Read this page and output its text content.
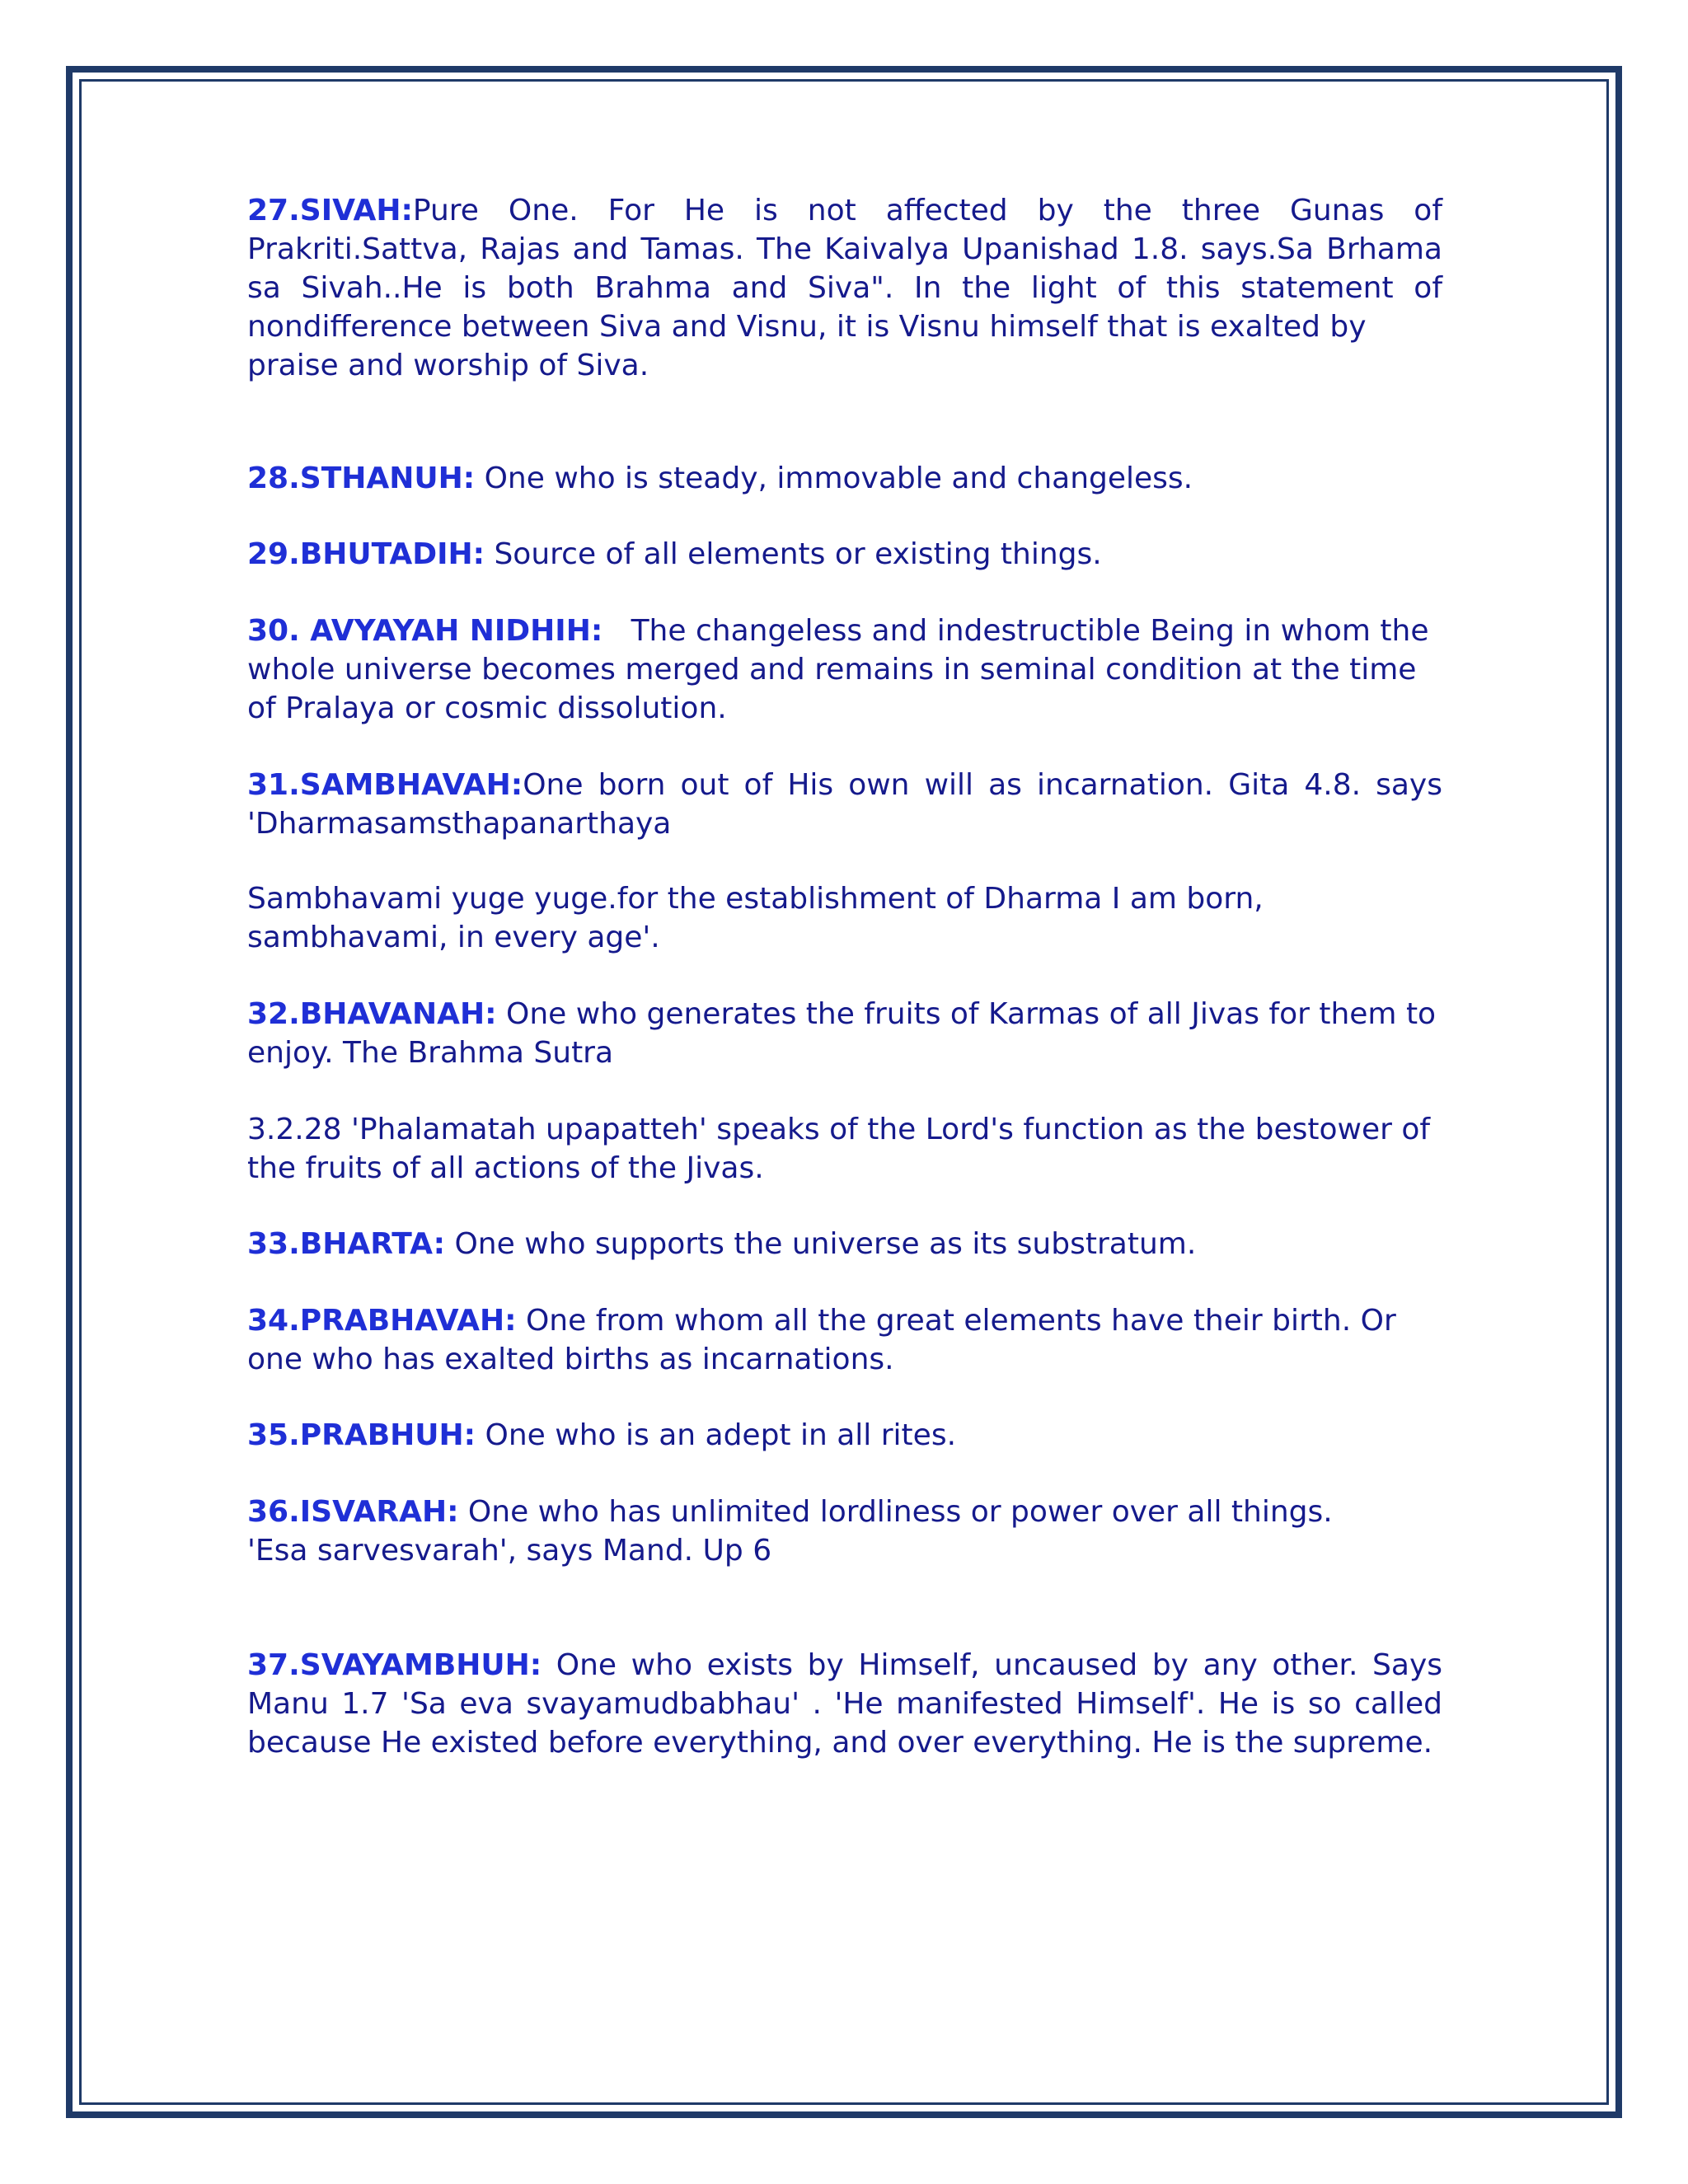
27.SIVAH:Pure One. For He is not affected by the three Gunas of
Prakriti.Sattva, Rajas and Tamas. The Kaivalya Upanishad 1.8. says.Sa Brhama
sa Sivah..He is both Brahma and Siva". In the light of this statement of
nondifference between Siva and Visnu, it is Visnu himself that is exalted by
praise and worship of Siva.
28.STHANUH: One who is steady, immovable and changeless.
29.BHUTADIH: Source of all elements or existing things.
30. AVYAYAH NIDHIH:   The changeless and indestructible Being in whom the
whole universe becomes merged and remains in seminal condition at the time
of Pralaya or cosmic dissolution.
31.SAMBHAVAH:One born out of His own will as incarnation. Gita 4.8. says
'Dharmasamsthapanarthaya
Sambhavami yuge yuge.for the establishment of Dharma I am born,
sambhavami, in every age'.
32.BHAVANAH: One who generates the fruits of Karmas of all Jivas for them to
enjoy. The Brahma Sutra
3.2.28 'Phalamatah upapatteh' speaks of the Lord's function as the bestower of
the fruits of all actions of the Jivas.
33.BHARTA: One who supports the universe as its substratum.
34.PRABHAVAH: One from whom all the great elements have their birth. Or
one who has exalted births as incarnations.
35.PRABHUH: One who is an adept in all rites.
36.ISVARAH: One who has unlimited lordliness or power over all things.
'Esa sarvesvarah', says Mand. Up 6
37.SVAYAMBHUH: One who exists by Himself, uncaused by any other. Says
Manu 1.7 'Sa eva svayamudbabhau' . 'He manifested Himself'. He is so called
because He existed before everything, and over everything. He is the supreme.
